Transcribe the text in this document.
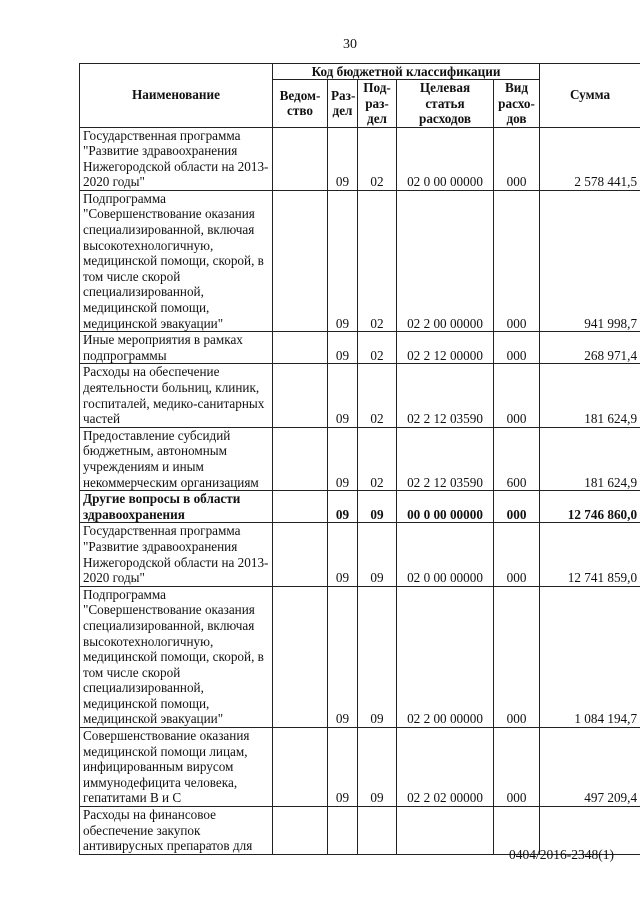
30
Наименование	Код бюджетной классификации					Сумма
	Ведом-ство	Раз-дел	Под-раз-дел	Целевая статья расходов	Вид расхо-дов	
Государственная программа "Развитие здравоохранения Нижегородской области на 2013-2020 годы"		09	02	02 0 00 00000	000	2 578 441,5
Подпрограмма "Совершенствование оказания специализированной, включая высокотехнологичную, медицинской помощи, скорой, в том числе скорой специализированной, медицинской помощи, медицинской эвакуации"		09	02	02 2 00 00000	000	941 998,7
Иные мероприятия в рамках подпрограммы		09	02	02 2 12 00000	000	268 971,4
Расходы на обеспечение деятельности больниц, клиник, госпиталей, медико-санитарных частей		09	02	02 2 12 03590	000	181 624,9
Предоставление субсидий бюджетным, автономным учреждениям и иным некоммерческим организациям		09	02	02 2 12 03590	600	181 624,9
Другие вопросы в области здравоохранения		09	09	00 0 00 00000	000	12 746 860,0
Государственная программа "Развитие здравоохранения Нижегородской области на 2013-2020 годы"		09	09	02 0 00 00000	000	12 741 859,0
Подпрограмма "Совершенствование оказания специализированной, включая высокотехнологичную, медицинской помощи, скорой, в том числе скорой специализированной, медицинской помощи, медицинской эвакуации"		09	09	02 2 00 00000	000	1 084 194,7
Совершенствование оказания медицинской помощи лицам, инфицированным вирусом иммунодефицита человека, гепатитами B и C		09	09	02 2 02 00000	000	497 209,4
Расходы на финансовое обеспечение закупок антивирусных препаратов для						
0404/2016-2348(1)
